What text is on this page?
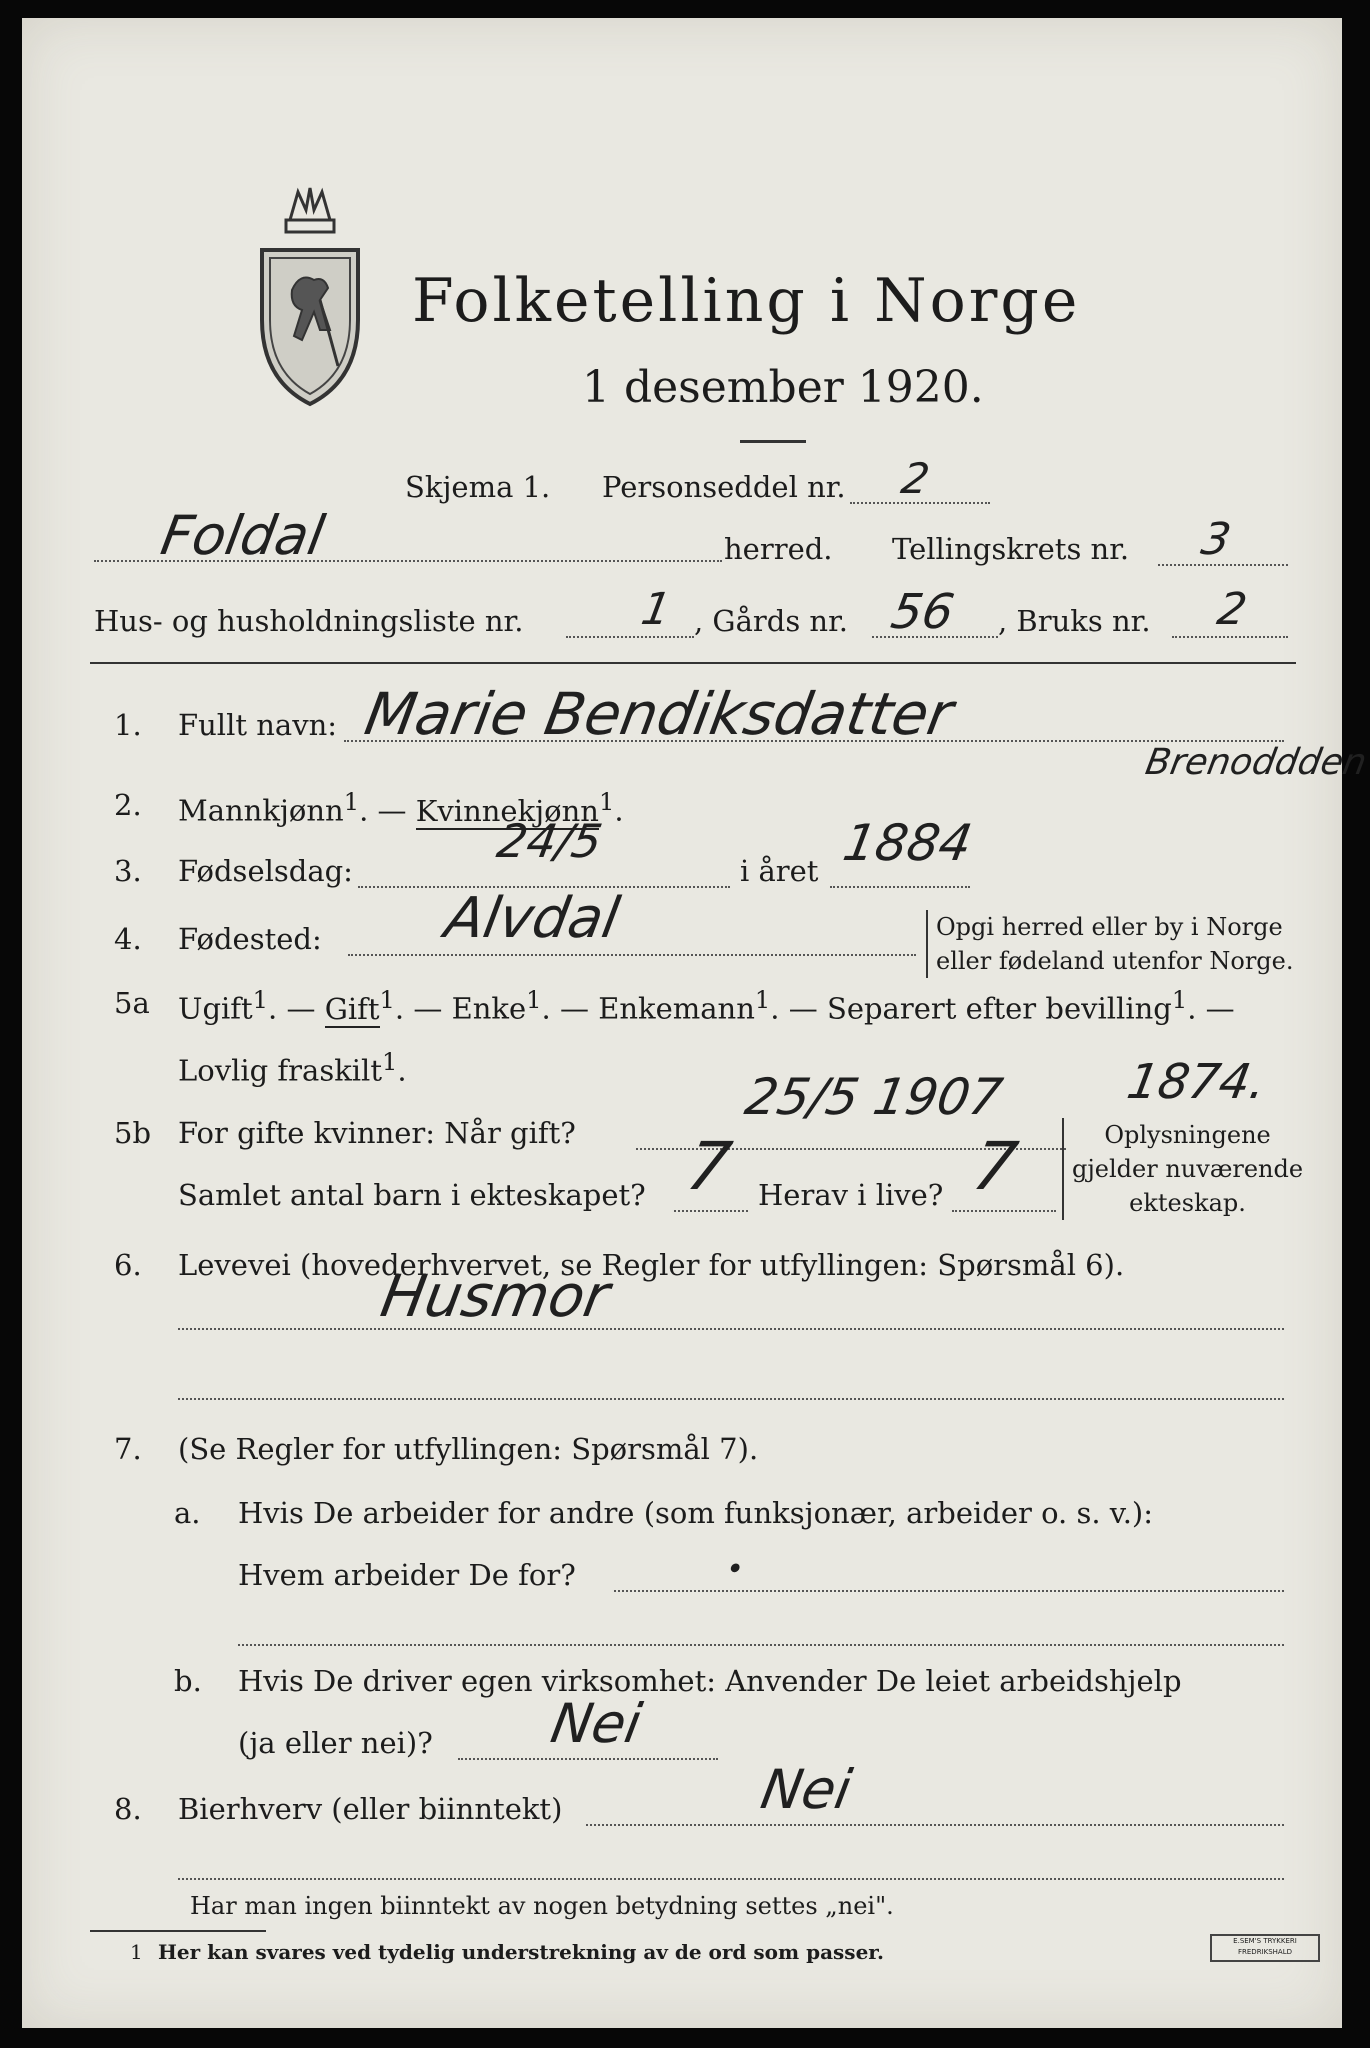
Folketelling i Norge
1 desember 1920.
Skjema 1. Personseddel nr. 2
Foldal	herred. Tellingskrets nr. 3
Hus- og husholdningsliste nr.	1 , Gårds nr. 56 , Bruks nr. 2
1. Fullt navn: Marie Bendiksdatter
Brenoddden
2. Mannkjønn$^1$. — Kvinnekjønn$^1$.
3. Fødselsdag:
24/5
i året 1884
4. Fødested: Alvdal	Opgi herred eller by i Norge
eller fødeland utenfor Norge.
5a Ugift$^1$. — Gift$^1$. — Enke$^1$. — Enkemann$^1$. — Separert efter bevilling$^1$. —
Lovlig fraskilt$^1$.
5b For gifte kvinner: Når gift?
25/5 1907 1874.
Samlet antal barn i ekteskapet? 7 Herav i live? 7	Oplysningene
gjelder nuværende
ekteskap.
6. Levevei (hovederhvervet, se Regler for utfyllingen: Spørsmål 6).
Husmor
7. (Se Regler for utfyllingen: Spørsmål 7).
a. Hvis De arbeider for andre (som funksjonær, arbeider o. s. v.):
Hvem arbeider De for?	•
b. Hvis De driver egen virksomhet: Anvender De leiet arbeidshjelp
(ja eller nei)? Nei
8. Bierhverv (eller biinntekt)	Nei
Har man ingen biinntekt av nogen betydning settes „nei".
1 Her kan svares ved tydelig understrekning av de ord som passer.	E.SEM'S TRYKKERI
FREDRIKSHALD
